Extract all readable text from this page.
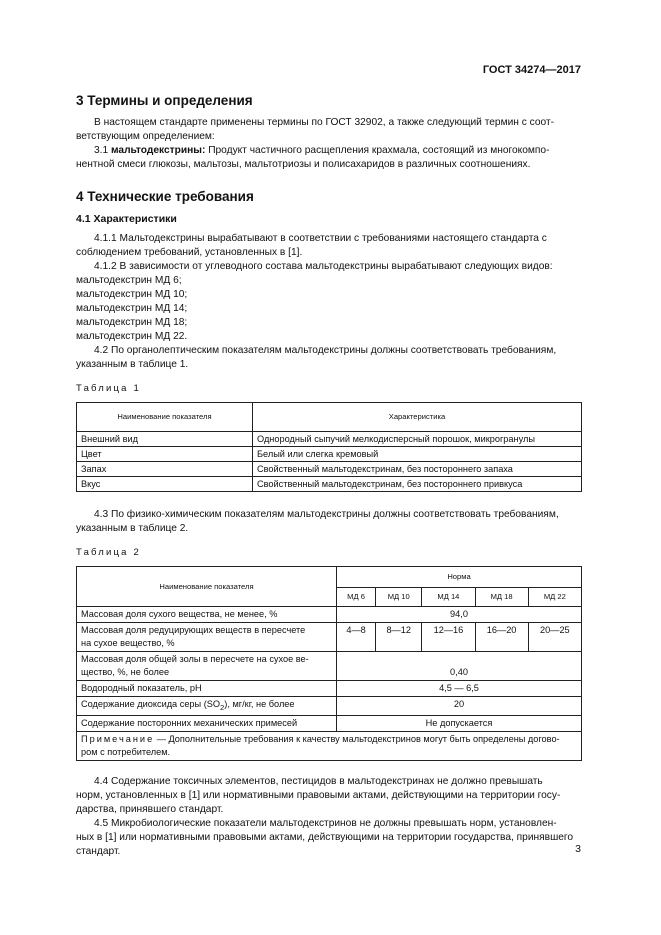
ГОСТ 34274—2017
3 Термины и определения

В настоящем стандарте применены термины по ГОСТ 32902, а также следующий термин с соот-

ветствующим определением:

3.1 мальтодекстрины: Продукт частичного расщепления крахмала, состоящий из многокомпо-

нентной смеси глюкозы, мальтозы, мальтотриозы и полисахаридов в различных соотношениях.

4 Технические требования
4.1 Характеристики

4.1.1 Мальтодекстрины вырабатывают в соответствии с требованиями настоящего стандарта с

соблюдением требований, установленных в [1].

4.1.2 В зависимости от углеводного состава мальтодекстрины вырабатывают следующих видов:

мальтодекстрин МД 6;

мальтодекстрин МД 10;

мальтодекстрин МД 14;

мальтодекстрин МД 18;

мальтодекстрин МД 22.

4.2 По органолептическим показателям мальтодекстрины должны соответствовать требованиям,

указанным в таблице 1.

Таблица 1
Наименование показателя	Характеристика
Внешний вид	Однородный сыпучий мелкодисперсный порошок, микрогранулы
Цвет	Белый или слегка кремовый
Запах	Свойственный мальтодекстринам, без постороннего запаха
Вкус	Свойственный мальтодекстринам, без постороннего привкуса

4.3 По физико-химическим показателям мальтодекстрины должны соответствовать требованиям,

указанным в таблице 2.

Таблица 2
Наименование показателя	Норма				
	МД 6	МД 10	МД 14	МД 18	МД 22
Массовая доля сухого вещества, не менее, %	94,0				

Массовая доля редуцирующих веществ в пересчете
на сухое вещество, %	4—8	8—12	12—16	16—20	20—25

Массовая доля общей золы в пересчете на сухое ве-
щество, %, не более	0,40				
Водородный показатель, рН	4,5 — 6,5				
Содержание диоксида серы $(SO_2)$, мг/кг, не более	20				
Содержание посторонних механических примесей	Не допускается				

Примечание — Дополнительные требования к качеству мальтодекстринов могут быть определены догово-
ром с потребителем.					

4.4 Содержание токсичных элементов, пестицидов в мальтодекстринах не должно превышать

норм, установленных в [1] или нормативными правовыми актами, действующими на территории госу-

дарства, принявшего стандарт.

4.5 Микробиологические показатели мальтодекстринов не должны превышать норм, установлен-

ных в [1] или нормативными правовыми актами, действующими на территории государства, принявшего

стандарт.	3
